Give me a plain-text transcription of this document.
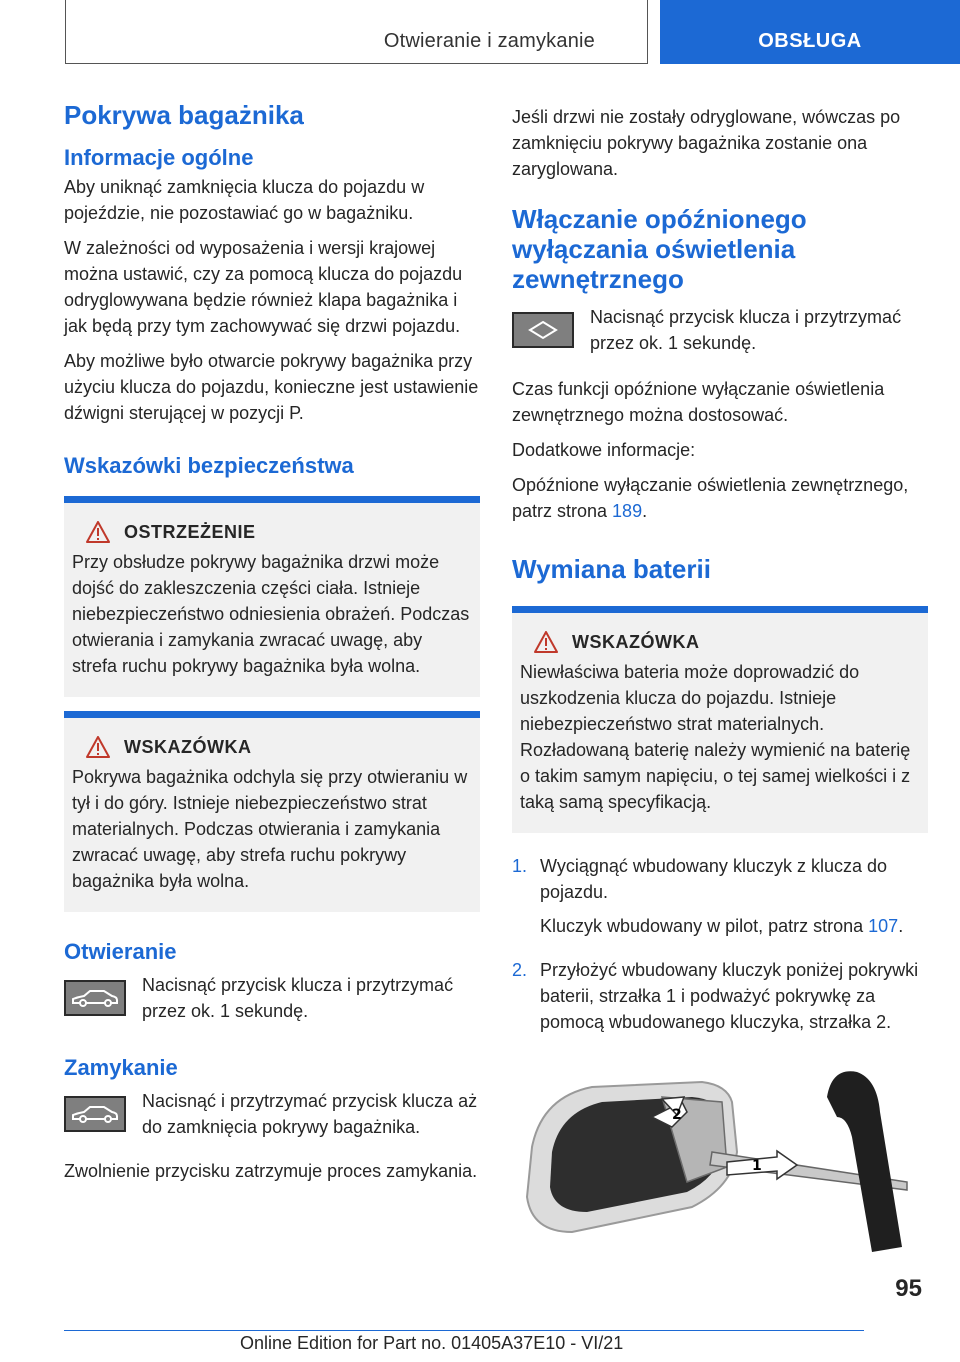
Otwieranie i zamykanie	OBSŁUGA
Pokrywa bagażnika
Informacje ogólne

Aby uniknąć zamknięcia klucza do pojazdu w pojeździe, nie pozostawiać go w bagażniku.

W zależności od wyposażenia i wersji krajowej można ustawić, czy za pomocą klucza do pojazdu odryglowywana będzie również klapa bagażnika i jak będą przy tym zachowywać się drzwi pojazdu.

Aby możliwe było otwarcie pokrywy bagażnika przy użyciu klucza do pojazdu, konieczne jest ustawienie dźwigni sterującej w pozycji P.

Wskazówki bezpieczeństwa
OSTRZEŻENIE

Przy obsłudze pokrywy bagażnika drzwi może dojść do zakleszczenia części ciała. Istnieje niebezpieczeństwo odniesienia obrażeń. Podczas otwierania i zamykania zwracać uwagę, aby strefa ruchu pokrywy bagażnika była wolna.

WSKAZÓWKA

Pokrywa bagażnika odchyla się przy otwieraniu w tył i do góry. Istnieje niebezpieczeństwo strat materialnych. Podczas otwierania i zamykania zwracać uwagę, aby strefa ruchu pokrywy bagażnika była wolna.

Otwieranie
Nacisnąć przycisk klucza i przytrzymać przez ok. 1 sekundę.
Zamykanie
Nacisnąć i przytrzymać przycisk klucza aż do zamknięcia pokrywy bagażnika.

Zwolnienie przycisku zatrzymuje proces zamykania.

Jeśli drzwi nie zostały odryglowane, wówczas po zamknięciu pokrywy bagażnika zostanie ona zaryglowana.

Włączanie opóźnionego wyłączania oświetlenia zewnętrznego
Nacisnąć przycisk klucza i przytrzymać przez ok. 1 sekundę.

Czas funkcji opóźnione wyłączanie oświetlenia zewnętrznego można dostosować.

Dodatkowe informacje:

Opóźnione wyłączanie oświetlenia zewnętrznego, patrz strona 189.

Wymiana baterii
WSKAZÓWKA

Niewłaściwa bateria może doprowadzić do uszkodzenia klucza do pojazdu. Istnieje niebezpieczeństwo strat materialnych. Rozładowaną baterię należy wymienić na baterię o takim samym napięciu, o tej samej wielkości i z taką samą specyfikacją.

1. Wyciągnąć wbudowany kluczyk z klucza do pojazdu.

Kluczyk wbudowany w pilot, patrz strona 107.

2. Przyłożyć wbudowany kluczyk poniżej pokrywki baterii, strzałka 1 i podważyć pokrywkę za pomocą wbudowanego kluczyka, strzałka 2.

2
1
95
Online Edition for Part no. 01405A37E10 - VI/21
